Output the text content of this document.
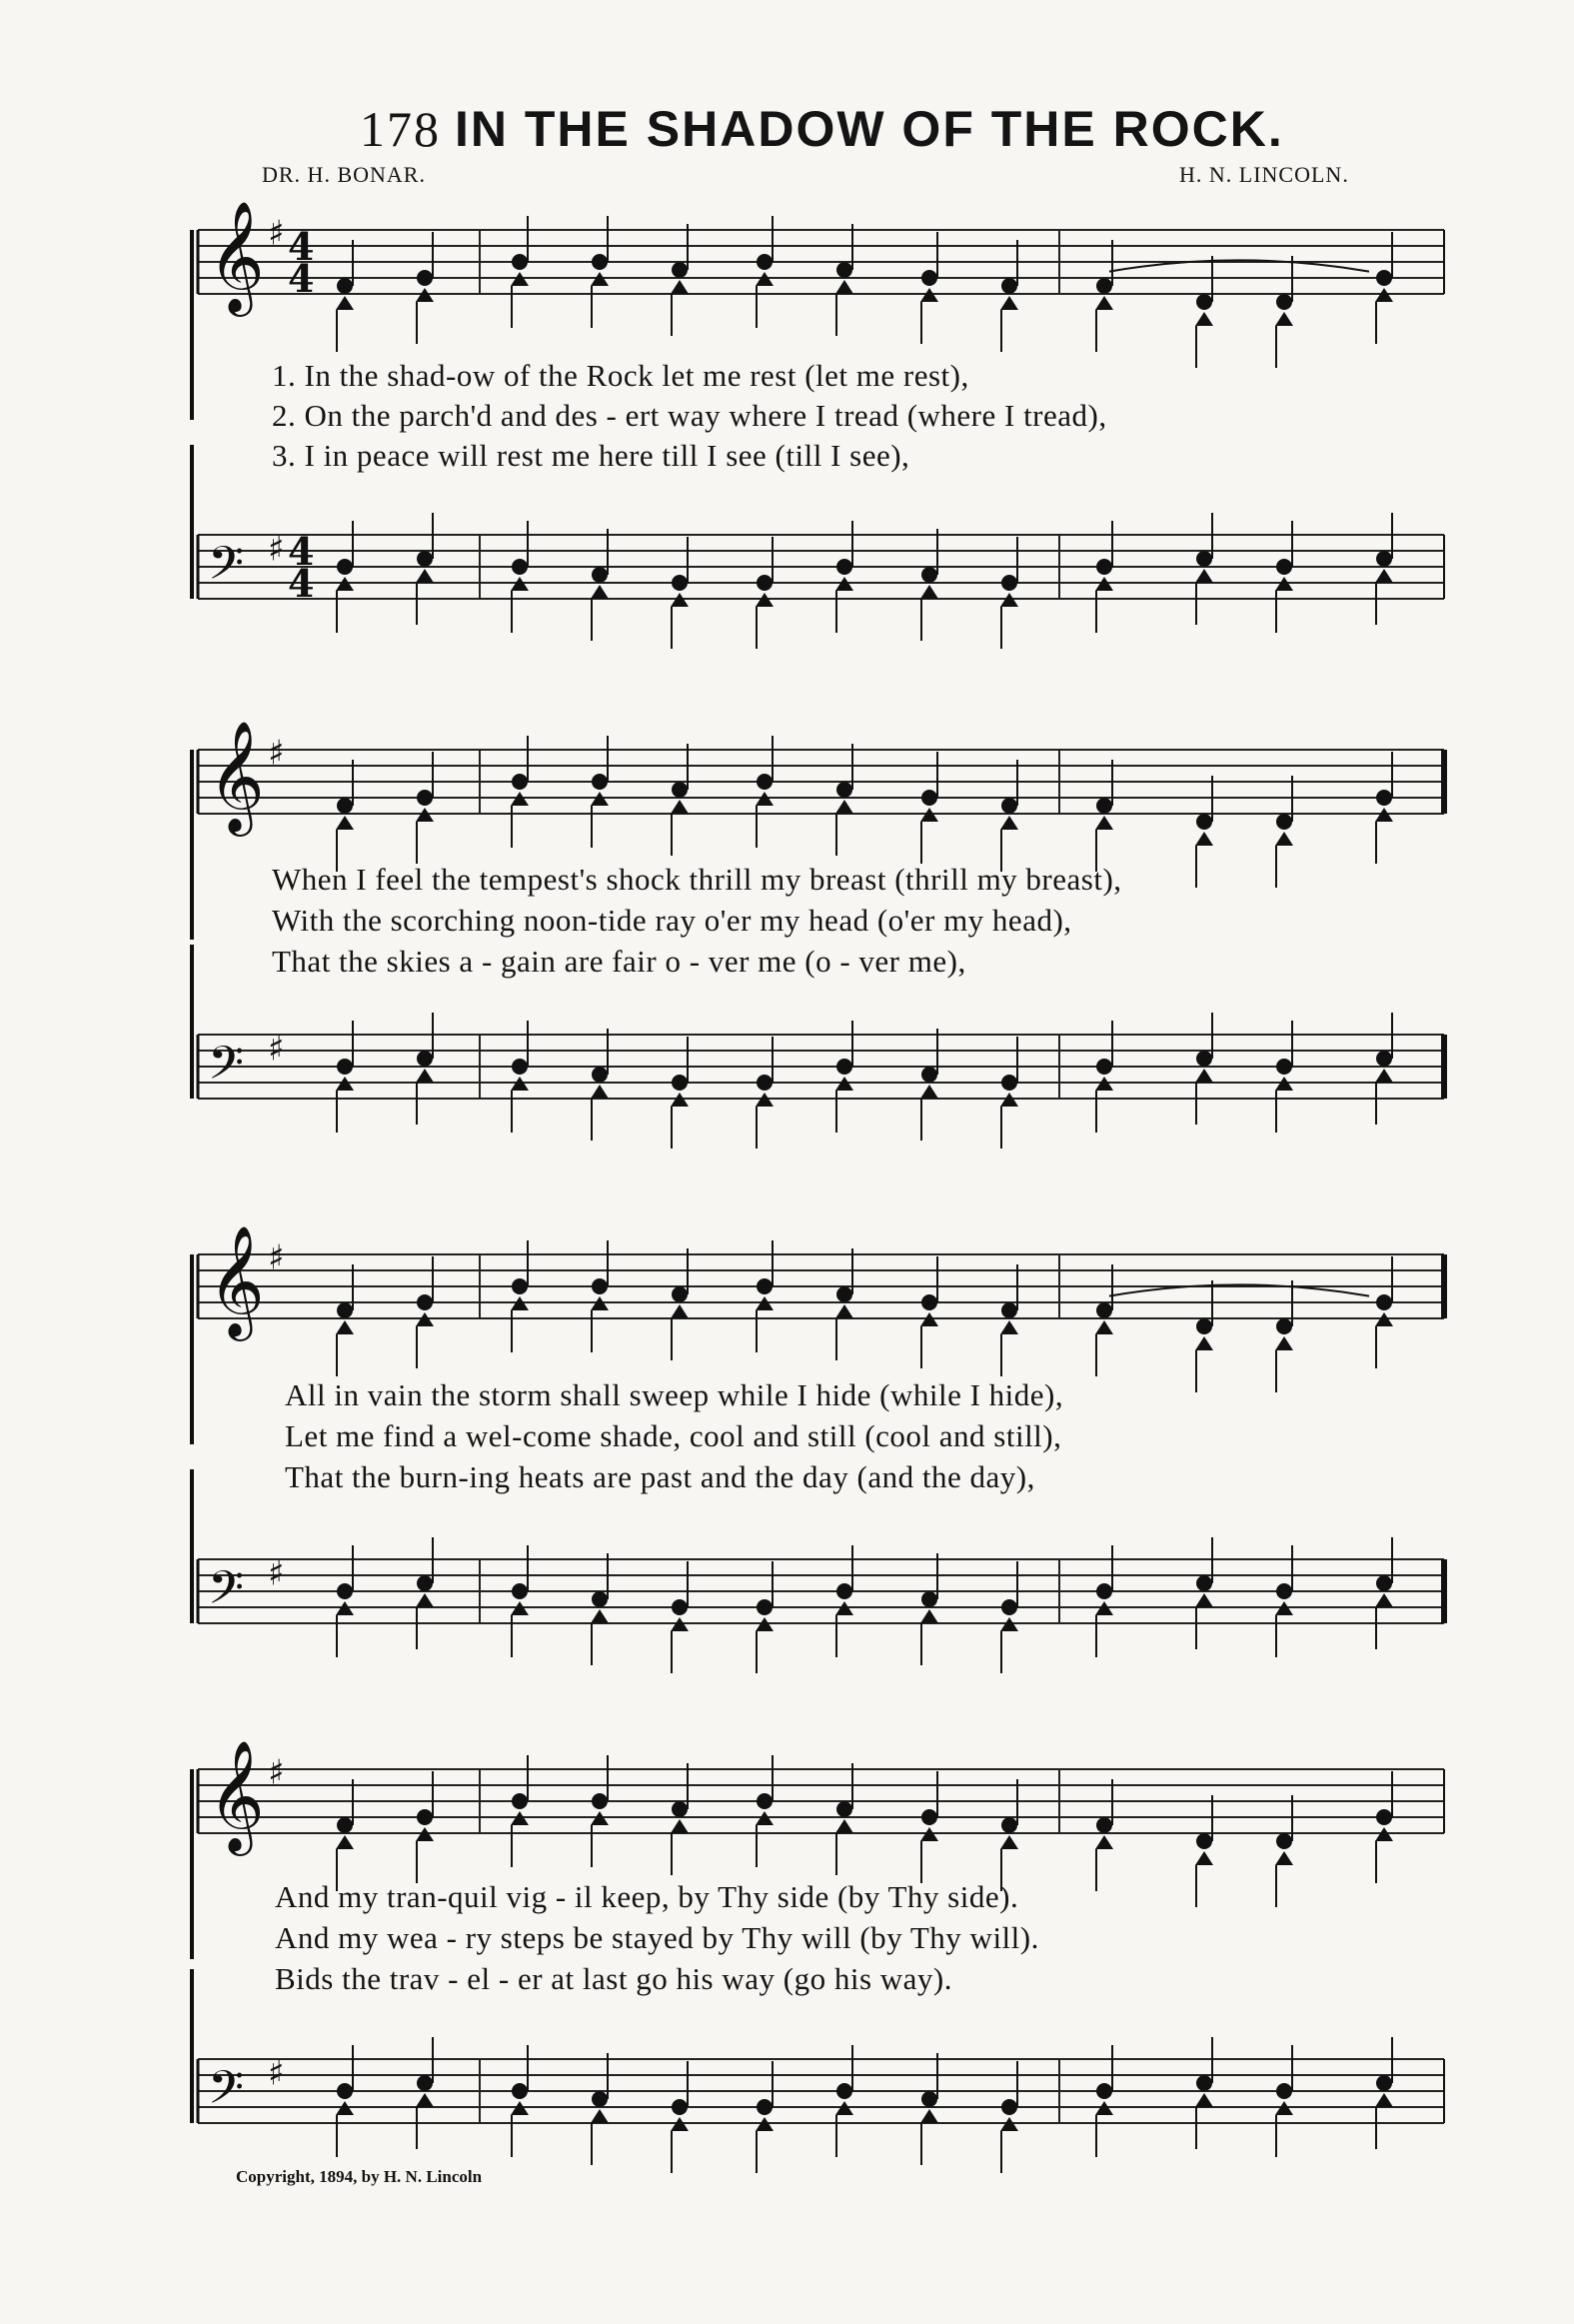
178 IN THE SHADOW OF THE ROCK.
DR. H. BONAR.	H. N. LINCOLN.
𝄞 ♯ 4
4
1. In the shad-ow of the Rock let me rest (let me rest),
2. On the parch'd and des - ert way where I tread (where I tread),
3. I in peace will rest me here till I see (till I see),
𝄢 ♯ 4
4
𝄞 ♯
When I feel the tempest's shock thrill my breast (thrill my breast),
With the scorching noon-tide ray o'er my head (o'er my head),
That the skies a - gain are fair o - ver me (o - ver me),
𝄢 ♯
𝄞 ♯
All in vain the storm shall sweep while I hide (while I hide),
Let me find a wel-come shade, cool and still (cool and still),
That the burn-ing heats are past and the day (and the day),
𝄢 ♯
𝄞 ♯
And my tran-quil vig - il keep, by Thy side (by Thy side).
And my wea - ry steps be stayed by Thy will (by Thy will).
Bids the trav - el - er at last go his way (go his way).
𝄢 ♯
Copyright, 1894, by H. N. Lincoln
